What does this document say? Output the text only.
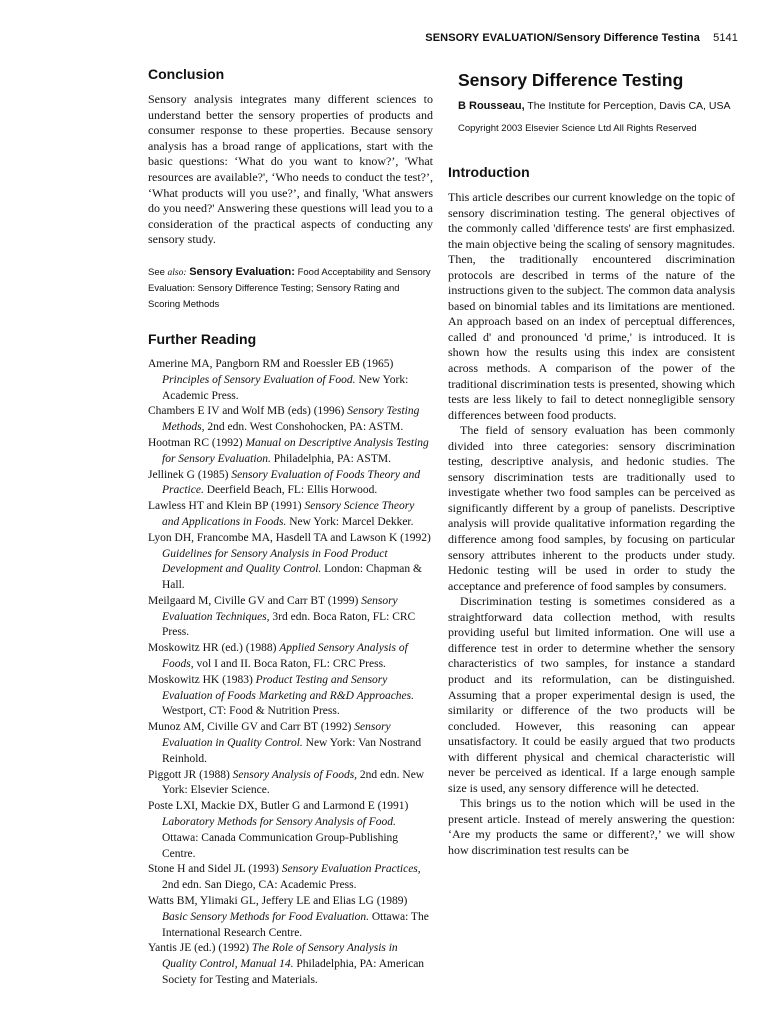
SENSORY EVALUATION/Sensory Difference Testina 5141
Conclusion

Sensory analysis integrates many different sciences to understand better the sensory properties of products and consumer response to these properties. Because sensory analysis has a broad range of applications, start with the basic questions: ‘What do you want to know?’, 'What resources are available?', ‘Who needs to conduct the test?’, ‘What products will you use?’, and finally, 'What answers do you need?' Answering these questions will lead you to a consideration of the practical aspects of conducting any sensory study.

See also: Sensory Evaluation: Food Acceptability and Sensory Evaluation: Sensory Difference Testing; Sensory Rating and Scoring Methods

Further Reading
Amerine MA, Pangborn RM and Roessler EB (1965) Principles of Sensory Evaluation of Food. New York: Academic Press.
Chambers E IV and Wolf MB (eds) (1996) Sensory Testing Methods, 2nd edn. West Conshohocken, PA: ASTM.
Hootman RC (1992) Manual on Descriptive Analysis Testing for Sensory Evaluation. Philadelphia, PA: ASTM.
Jellinek G (1985) Sensory Evaluation of Foods Theory and Practice. Deerfield Beach, FL: Ellis Horwood.
Lawless HT and Klein BP (1991) Sensory Science Theory and Applications in Foods. New York: Marcel Dekker.
Lyon DH, Francombe MA, Hasdell TA and Lawson K (1992) Guidelines for Sensory Analysis in Food Product Development and Quality Control. London: Chapman & Hall.
Meilgaard M, Civille GV and Carr BT (1999) Sensory Evaluation Techniques, 3rd edn. Boca Raton, FL: CRC Press.
Moskowitz HR (ed.) (1988) Applied Sensory Analysis of Foods, vol I and II. Boca Raton, FL: CRC Press.
Moskowitz HK (1983) Product Testing and Sensory Evaluation of Foods Marketing and R&D Approaches. Westport, CT: Food & Nutrition Press.
Munoz AM, Civille GV and Carr BT (1992) Sensory Evaluation in Quality Control. New York: Van Nostrand Reinhold.
Piggott JR (1988) Sensory Analysis of Foods, 2nd edn. New York: Elsevier Science.
Poste LXI, Mackie DX, Butler G and Larmond E (1991) Laboratory Methods for Sensory Analysis of Food. Ottawa: Canada Communication Group-Publishing Centre.
Stone H and Sidel JL (1993) Sensory Evaluation Practices, 2nd edn. San Diego, CA: Academic Press.
Watts BM, Ylimaki GL, Jeffery LE and Elias LG (1989) Basic Sensory Methods for Food Evaluation. Ottawa: The International Research Centre.
Yantis JE (ed.) (1992) The Role of Sensory Analysis in Quality Control, Manual 14. Philadelphia, PA: American Society for Testing and Materials.
Sensory Difference Testing
B Rousseau, The Institute for Perception, Davis CA, USA
Copyright 2003 Elsevier Science Ltd All Rights Reserved
Introduction

This article describes our current knowledge on the topic of sensory discrimination testing. The general objectives of the commonly called 'difference tests' are first emphasized. the main objective being the scaling of sensory magnitudes. Then, the traditionally encountered discrimination protocols are described in terms of the nature of the instructions given to the subject. The common data analysis based on binomial tables and its limitations are mentioned. An approach based on an index of perceptual differences, called d' and pronounced 'd prime,' is introduced. It is shown how the results using this index are consistent across methods. A comparison of the power of the traditional discrimination tests is presented, showing which tests are less likely to fail to detect nonnegligible sensory differences between food products.

The field of sensory evaluation has been commonly divided into three categories: sensory discrimination testing, descriptive analysis, and hedonic studies. The sensory discrimination tests are traditionally used to investigate whether two food samples can be perceived as significantly different by a group of panelists. Descriptive analysis will provide qualitative information regarding the difference among food samples, by focusing on particular sensory attributes inherent to the products under study. Hedonic testing will be used in order to study the acceptance and preference of food samples by consumers.

Discrimination testing is sometimes considered as a straightforward data collection method, with results providing useful but limited information. One will use a difference test in order to determine whether the sensory characteristics of two samples, for instance a standard product and its reformulation, can be distinguished. Assuming that a proper experimental design is used, the similarity or difference of the two products will be concluded. However, this reasoning can appear unsatisfactory. It could be easily argued that two products with different physical and chemical characteristic will never be perceived as identical. If a large enough sample size is used, any sensory difference will he detected.

This brings us to the notion which will be used in the present article. Instead of merely answering the question: ‘Are my products the same or different?,’ we will show how discrimination test results can be
